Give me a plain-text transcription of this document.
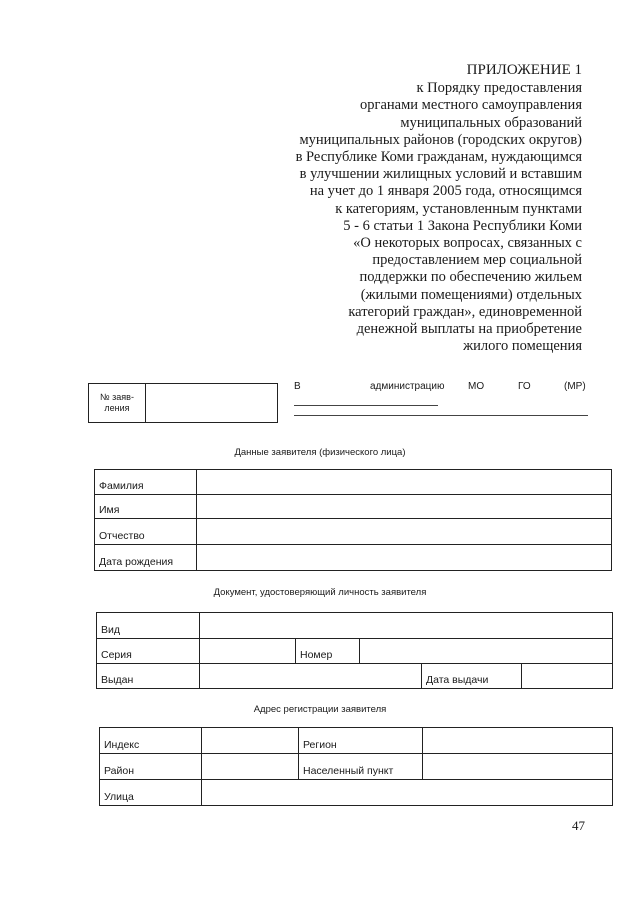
ПРИЛОЖЕНИЕ 1
к Порядку предоставления
органами местного самоуправления
муниципальных образований
муниципальных районов (городских округов)
в Республике Коми гражданам, нуждающимся
в улучшении жилищных условий и вставшим
на учет до 1 января 2005 года, относящимся
к категориям, установленным пунктами
5 - 6 статьи 1 Закона Республики Коми
«О некоторых вопросах, связанных с
предоставлением мер социальной
поддержки по обеспечению жильем
(жилыми помещениями) отдельных
категорий граждан», единовременной
денежной выплаты на приобретение
жилого помещения
№ заяв-
ления
В	администрацию МО	ГО	(МР)
Данные заявителя (физического лица)
Фамилия	
Имя	
Отчество	
Дата рождения	
Документ, удостоверяющий личность заявителя
Вид					
Серия		Номер			
Выдан				Дата выдачи	
Адрес регистрации заявителя
Индекс		Регион	
Район		Населенный пункт	
Улица			
47
